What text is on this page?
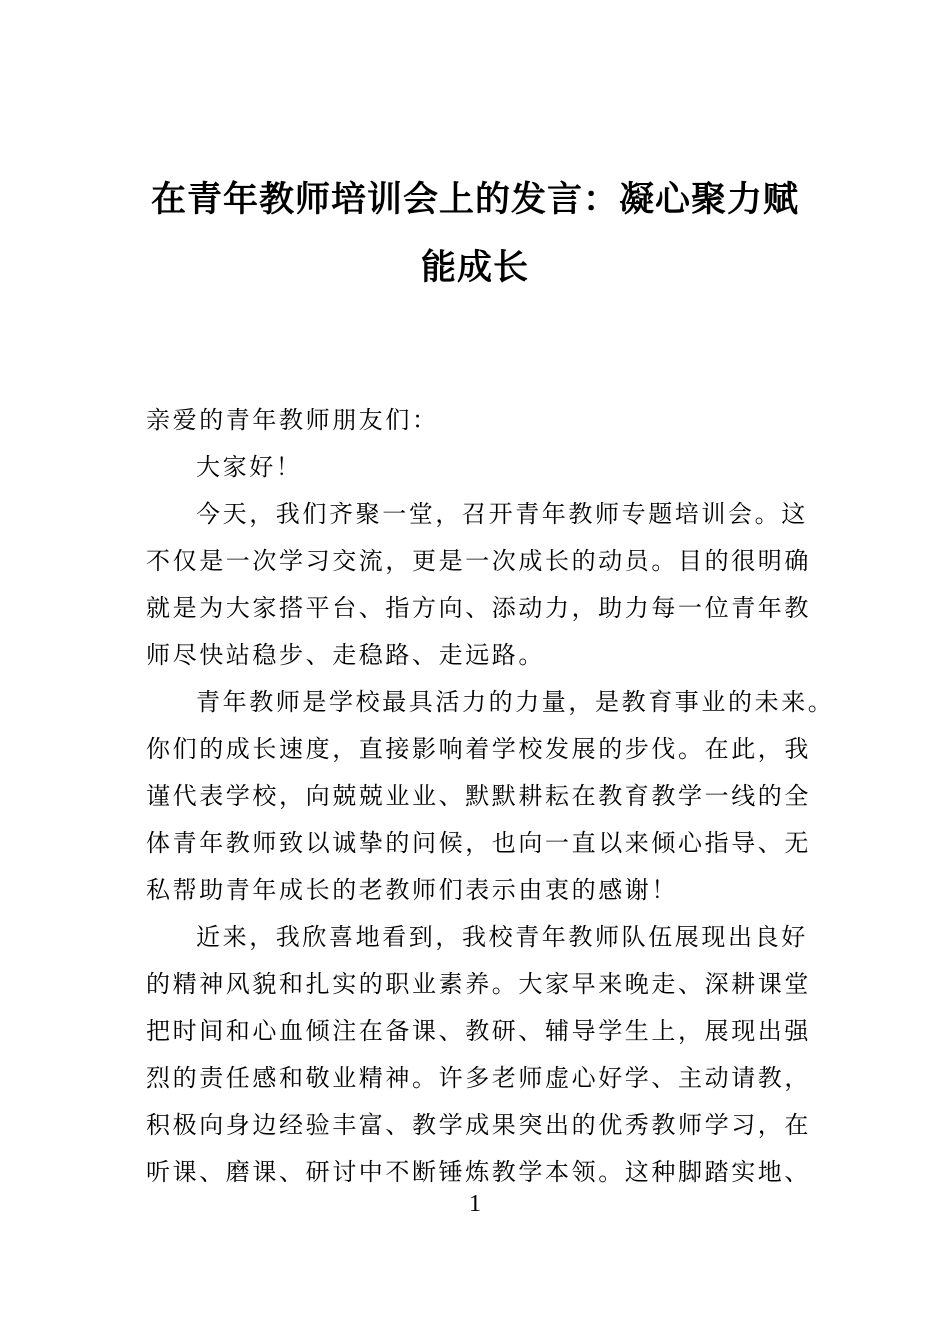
在青年教师培训会上的发言：凝心聚力赋
能成长
亲爱的青年教师朋友们：
大家好！
今天，我们齐聚一堂，召开青年教师专题培训会。这
不仅是一次学习交流，更是一次成长的动员。目的很明确
就是为大家搭平台、指方向、添动力，助力每一位青年教
师尽快站稳步、走稳路、走远路。
青年教师是学校最具活力的力量，是教育事业的未来。
你们的成长速度，直接影响着学校发展的步伐。在此，我
谨代表学校，向兢兢业业、默默耕耘在教育教学一线的全
体青年教师致以诚挚的问候，也向一直以来倾心指导、无
私帮助青年成长的老教师们表示由衷的感谢！
近来，我欣喜地看到，我校青年教师队伍展现出良好
的精神风貌和扎实的职业素养。大家早来晚走、深耕课堂
把时间和心血倾注在备课、教研、辅导学生上，展现出强
烈的责任感和敬业精神。许多老师虚心好学、主动请教，
积极向身边经验丰富、教学成果突出的优秀教师学习，在
听课、磨课、研讨中不断锤炼教学本领。这种脚踏实地、
1
